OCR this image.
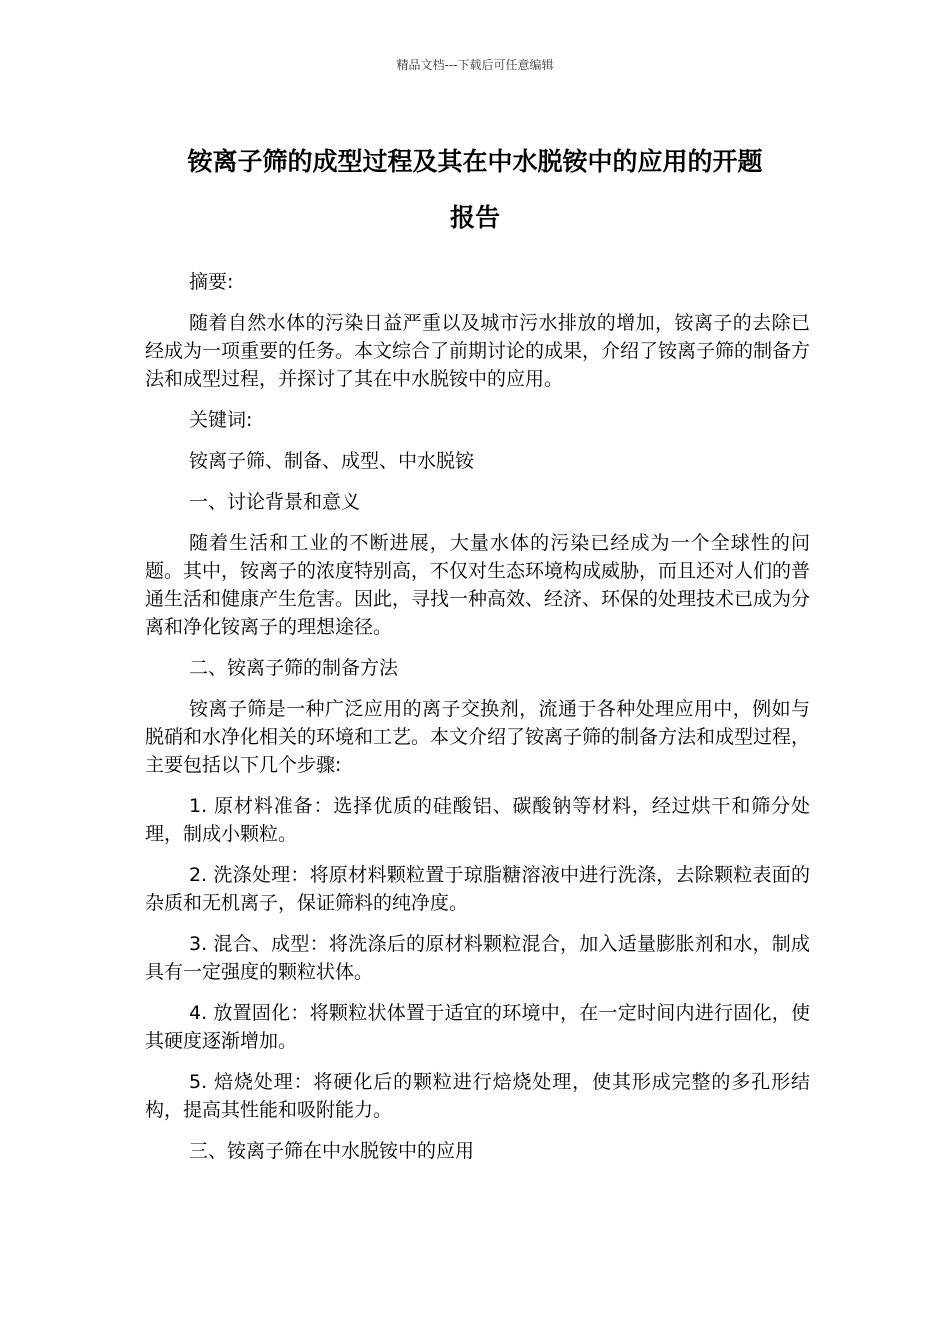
精品文档---下载后可任意编辑
铵离子筛的成型过程及其在中水脱铵中的应用的开题
报告

摘要:

随着自然水体的污染日益严重以及城市污水排放的增加，铵离子的去除已经成为一项重要的任务。本文综合了前期讨论的成果，介绍了铵离子筛的制备方法和成型过程，并探讨了其在中水脱铵中的应用。

关键词:

铵离子筛、制备、成型、中水脱铵

一、讨论背景和意义

随着生活和工业的不断进展，大量水体的污染已经成为一个全球性的问题。其中，铵离子的浓度特别高，不仅对生态环境构成威胁，而且还对人们的普通生活和健康产生危害。因此，寻找一种高效、经济、环保的处理技术已成为分离和净化铵离子的理想途径。

二、铵离子筛的制备方法

铵离子筛是一种广泛应用的离子交换剂，流通于各种处理应用中，例如与脱硝和水净化相关的环境和工艺。本文介绍了铵离子筛的制备方法和成型过程，主要包括以下几个步骤:

1. 原材料准备：选择优质的硅酸铝、碳酸钠等材料，经过烘干和筛分处理，制成小颗粒。

2. 洗涤处理：将原材料颗粒置于琼脂糖溶液中进行洗涤，去除颗粒表面的杂质和无机离子，保证筛料的纯净度。

3. 混合、成型：将洗涤后的原材料颗粒混合，加入适量膨胀剂和水，制成具有一定强度的颗粒状体。

4. 放置固化：将颗粒状体置于适宜的环境中，在一定时间内进行固化，使其硬度逐渐增加。

5. 焙烧处理：将硬化后的颗粒进行焙烧处理，使其形成完整的多孔形结构，提高其性能和吸附能力。

三、铵离子筛在中水脱铵中的应用
